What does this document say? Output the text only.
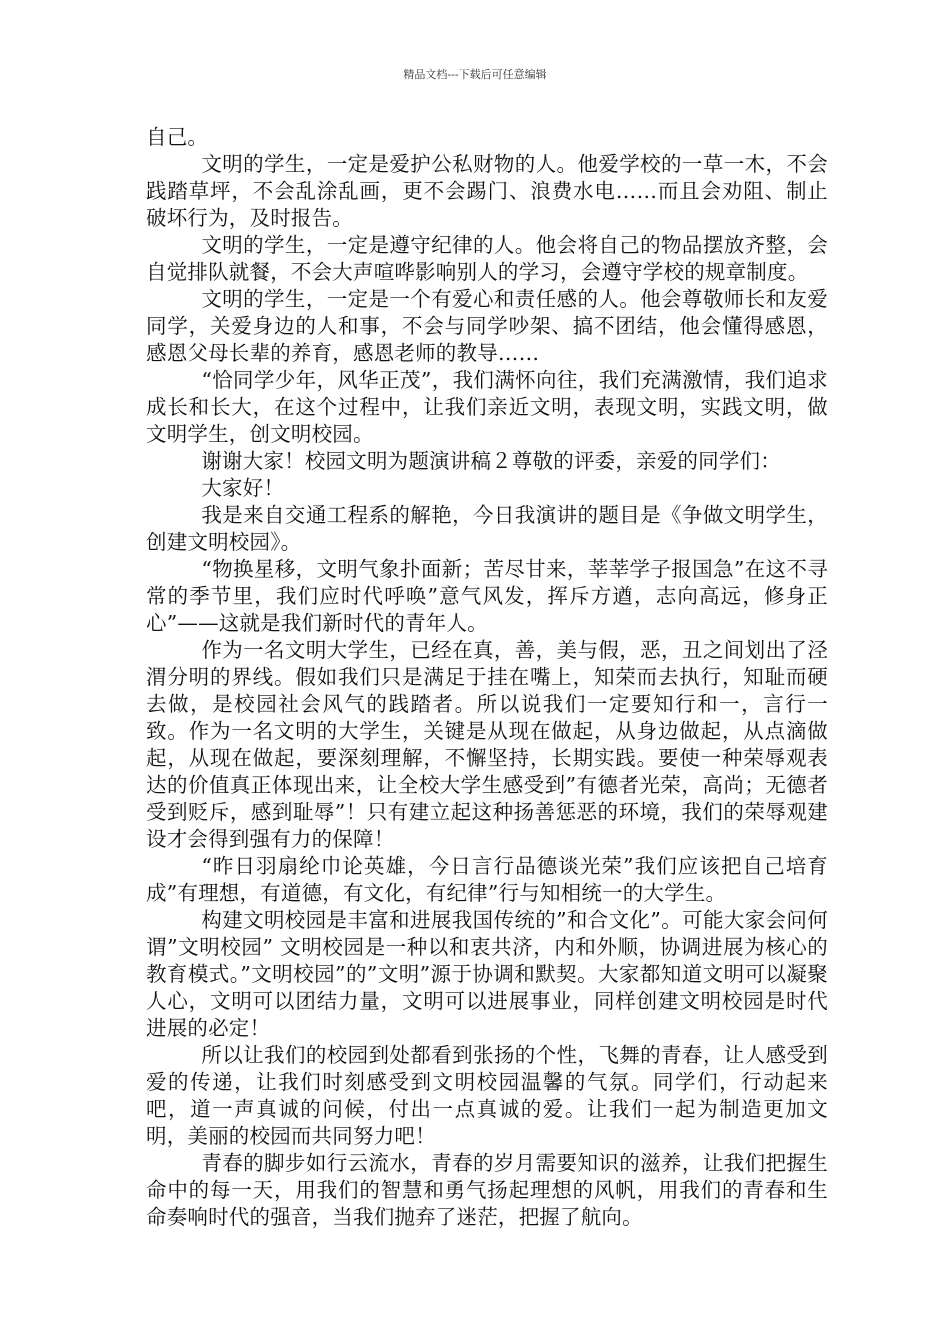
精品文档---下载后可任意编辑

自己。

文明的学生，一定是爱护公私财物的人。他爱学校的一草一木，不会践踏草坪，不会乱涂乱画，更不会踢门、浪费水电……而且会劝阻、制止破坏行为，及时报告。

文明的学生，一定是遵守纪律的人。他会将自己的物品摆放齐整，会自觉排队就餐，不会大声喧哗影响别人的学习，会遵守学校的规章制度。

文明的学生，一定是一个有爱心和责任感的人。他会尊敬师长和友爱同学，关爱身边的人和事，不会与同学吵架、搞不团结，他会懂得感恩，感恩父母长辈的养育，感恩老师的教导……

“恰同学少年，风华正茂”，我们满怀向往，我们充满激情，我们追求成长和长大，在这个过程中，让我们亲近文明，表现文明，实践文明，做文明学生，创文明校园。

谢谢大家！校园文明为题演讲稿２尊敬的评委，亲爱的同学们：

大家好！

我是来自交通工程系的解艳，今日我演讲的题目是《争做文明学生，创建文明校园》。

“物换星移，文明气象扑面新；苦尽甘来，莘莘学子报国急”在这不寻常的季节里，我们应时代呼唤”意气风发，挥斥方遒，志向高远，修身正心”——这就是我们新时代的青年人。

作为一名文明大学生，已经在真，善，美与假，恶，丑之间划出了泾渭分明的界线。假如我们只是满足于挂在嘴上，知荣而去执行，知耻而硬去做，是校园社会风气的践踏者。所以说我们一定要知行和一，言行一致。作为一名文明的大学生，关键是从现在做起，从身边做起，从点滴做起，从现在做起，要深刻理解，不懈坚持，长期实践。要使一种荣辱观表达的价值真正体现出来，让全校大学生感受到”有德者光荣，高尚；无德者受到贬斥，感到耻辱”！只有建立起这种扬善惩恶的环境，我们的荣辱观建设才会得到强有力的保障！

“昨日羽扇纶巾论英雄，今日言行品德谈光荣”我们应该把自己培育成”有理想，有道德，有文化，有纪律”行与知相统一的大学生。

构建文明校园是丰富和进展我国传统的”和合文化”。可能大家会问何谓”文明校园” 文明校园是一种以和衷共济，内和外顺，协调进展为核心的教育模式。”文明校园”的”文明”源于协调和默契。大家都知道文明可以凝聚人心，文明可以团结力量，文明可以进展事业，同样创建文明校园是时代进展的必定！

所以让我们的校园到处都看到张扬的个性，飞舞的青春，让人感受到爱的传递，让我们时刻感受到文明校园温馨的气氛。同学们，行动起来吧，道一声真诚的问候，付出一点真诚的爱。让我们一起为制造更加文明，美丽的校园而共同努力吧！

青春的脚步如行云流水，青春的岁月需要知识的滋养，让我们把握生命中的每一天，用我们的智慧和勇气扬起理想的风帆，用我们的青春和生命奏响时代的强音，当我们抛弃了迷茫，把握了航向。
